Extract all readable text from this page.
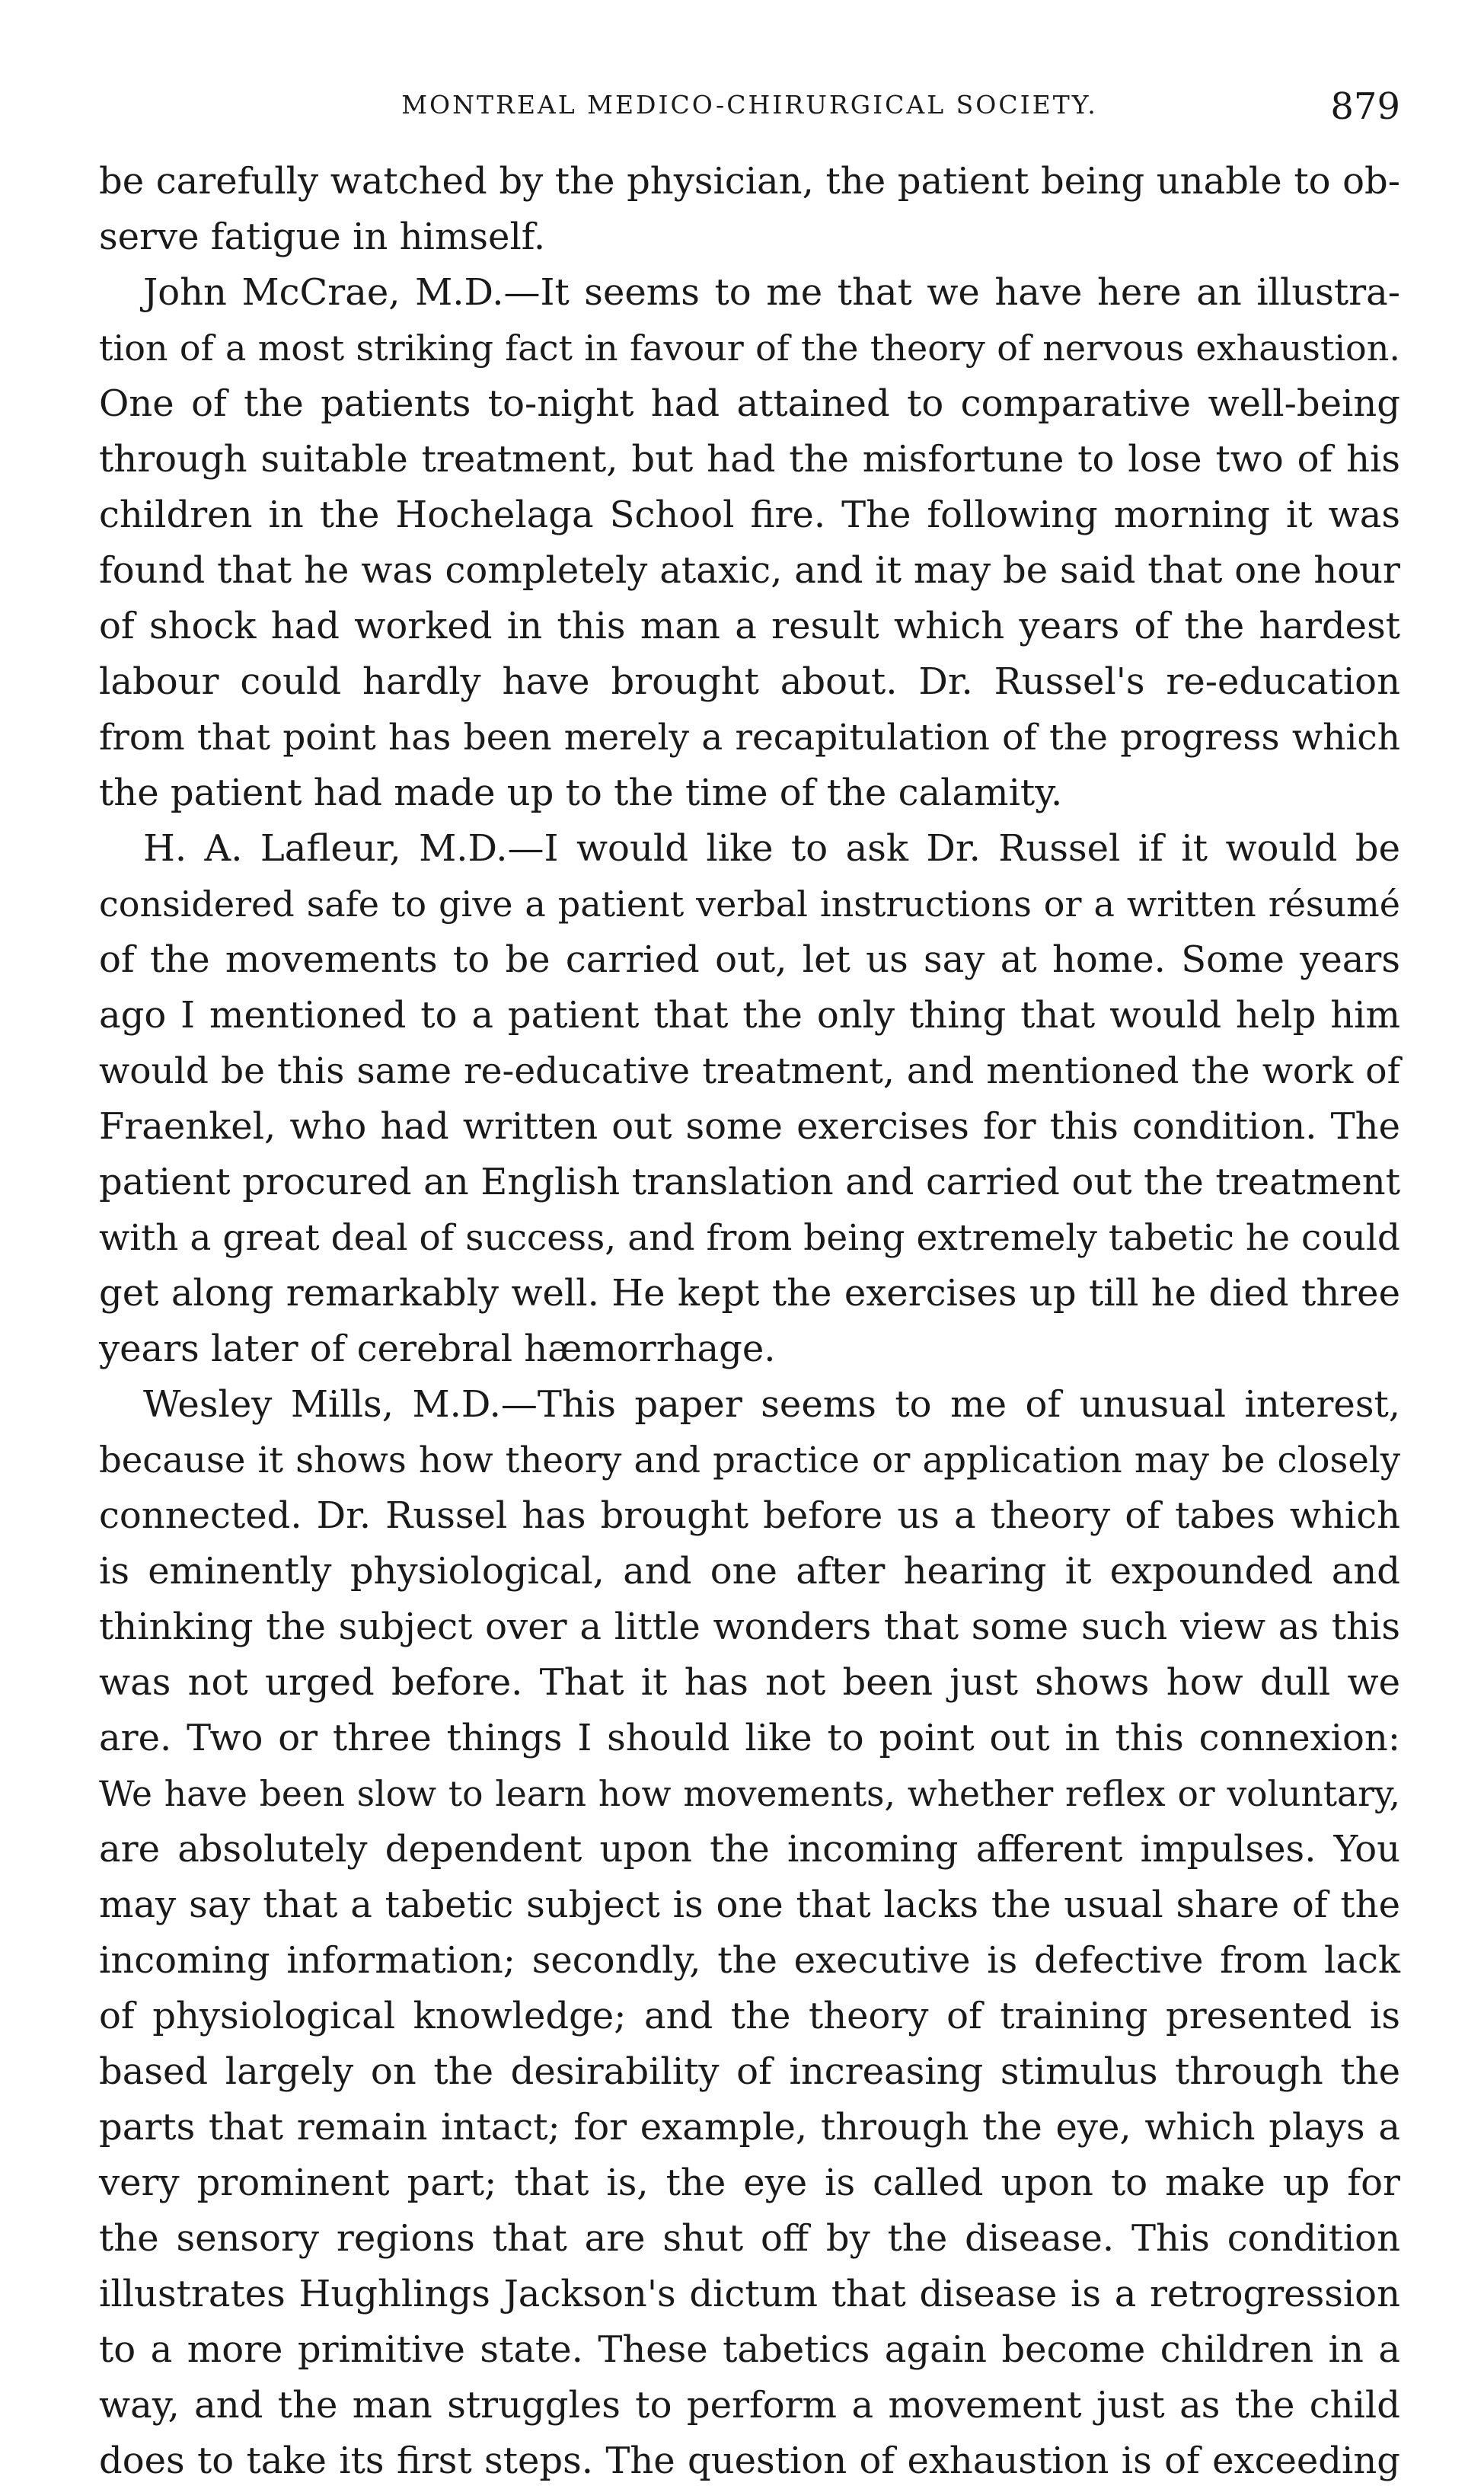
MONTREAL MEDICO-CHIRURGICAL SOCIETY.	879
be carefully watched by the physician, the patient being unable to ob-
serve fatigue in himself.
John McCrae, M.D.—It seems to me that we have here an illustra-
tion of a most striking fact in favour of the theory of nervous exhaustion.
One of the patients to-night had attained to comparative well-being
through suitable treatment, but had the misfortune to lose two of his
children in the Hochelaga School fire. The following morning it was
found that he was completely ataxic, and it may be said that one hour
of shock had worked in this man a result which years of the hardest
labour could hardly have brought about. Dr. Russel's re-education
from that point has been merely a recapitulation of the progress which
the patient had made up to the time of the calamity.
H. A. Lafleur, M.D.—I would like to ask Dr. Russel if it would be
considered safe to give a patient verbal instructions or a written résumé
of the movements to be carried out, let us say at home. Some years
ago I mentioned to a patient that the only thing that would help him
would be this same re-educative treatment, and mentioned the work of
Fraenkel, who had written out some exercises for this condition. The
patient procured an English translation and carried out the treatment
with a great deal of success, and from being extremely tabetic he could
get along remarkably well. He kept the exercises up till he died three
years later of cerebral hæmorrhage.
Wesley Mills, M.D.—This paper seems to me of unusual interest,
because it shows how theory and practice or application may be closely
connected. Dr. Russel has brought before us a theory of tabes which
is eminently physiological, and one after hearing it expounded and
thinking the subject over a little wonders that some such view as this
was not urged before. That it has not been just shows how dull we
are. Two or three things I should like to point out in this connexion:
We have been slow to learn how movements, whether reflex or voluntary,
are absolutely dependent upon the incoming afferent impulses. You
may say that a tabetic subject is one that lacks the usual share of the
incoming information; secondly, the executive is defective from lack
of physiological knowledge; and the theory of training presented is
based largely on the desirability of increasing stimulus through the
parts that remain intact; for example, through the eye, which plays a
very prominent part; that is, the eye is called upon to make up for
the sensory regions that are shut off by the disease. This condition
illustrates Hughlings Jackson's dictum that disease is a retrogression
to a more primitive state. These tabetics again become children in a
way, and the man struggles to perform a movement just as the child
does to take its first steps. The question of exhaustion is of exceeding
